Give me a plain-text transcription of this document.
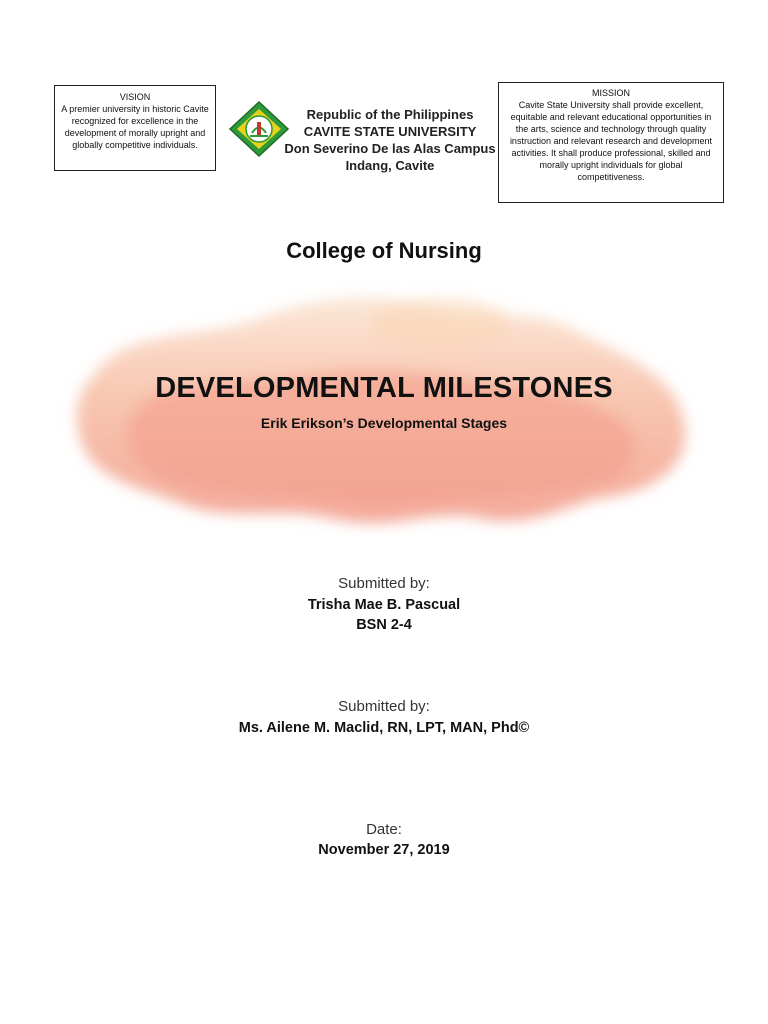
VISION
A premier university in historic Cavite recognized for excellence in the development of morally upright and globally competitive individuals.
Republic of the Philippines
CAVITE STATE UNIVERSITY
Don Severino De las Alas Campus
Indang, Cavite
MISSION
Cavite State University shall provide excellent, equitable and relevant educational opportunities in the arts, science and technology through quality instruction and relevant research and development activities. It shall produce professional, skilled and morally upright individuals for global competitiveness.
College of Nursing
DEVELOPMENTAL MILESTONES
Erik Erikson’s Developmental Stages
Submitted by:
Trisha Mae B. Pascual
BSN 2-4
Submitted by:
Ms. Ailene M. Maclid, RN, LPT, MAN, Phd©
Date:
November 27, 2019
